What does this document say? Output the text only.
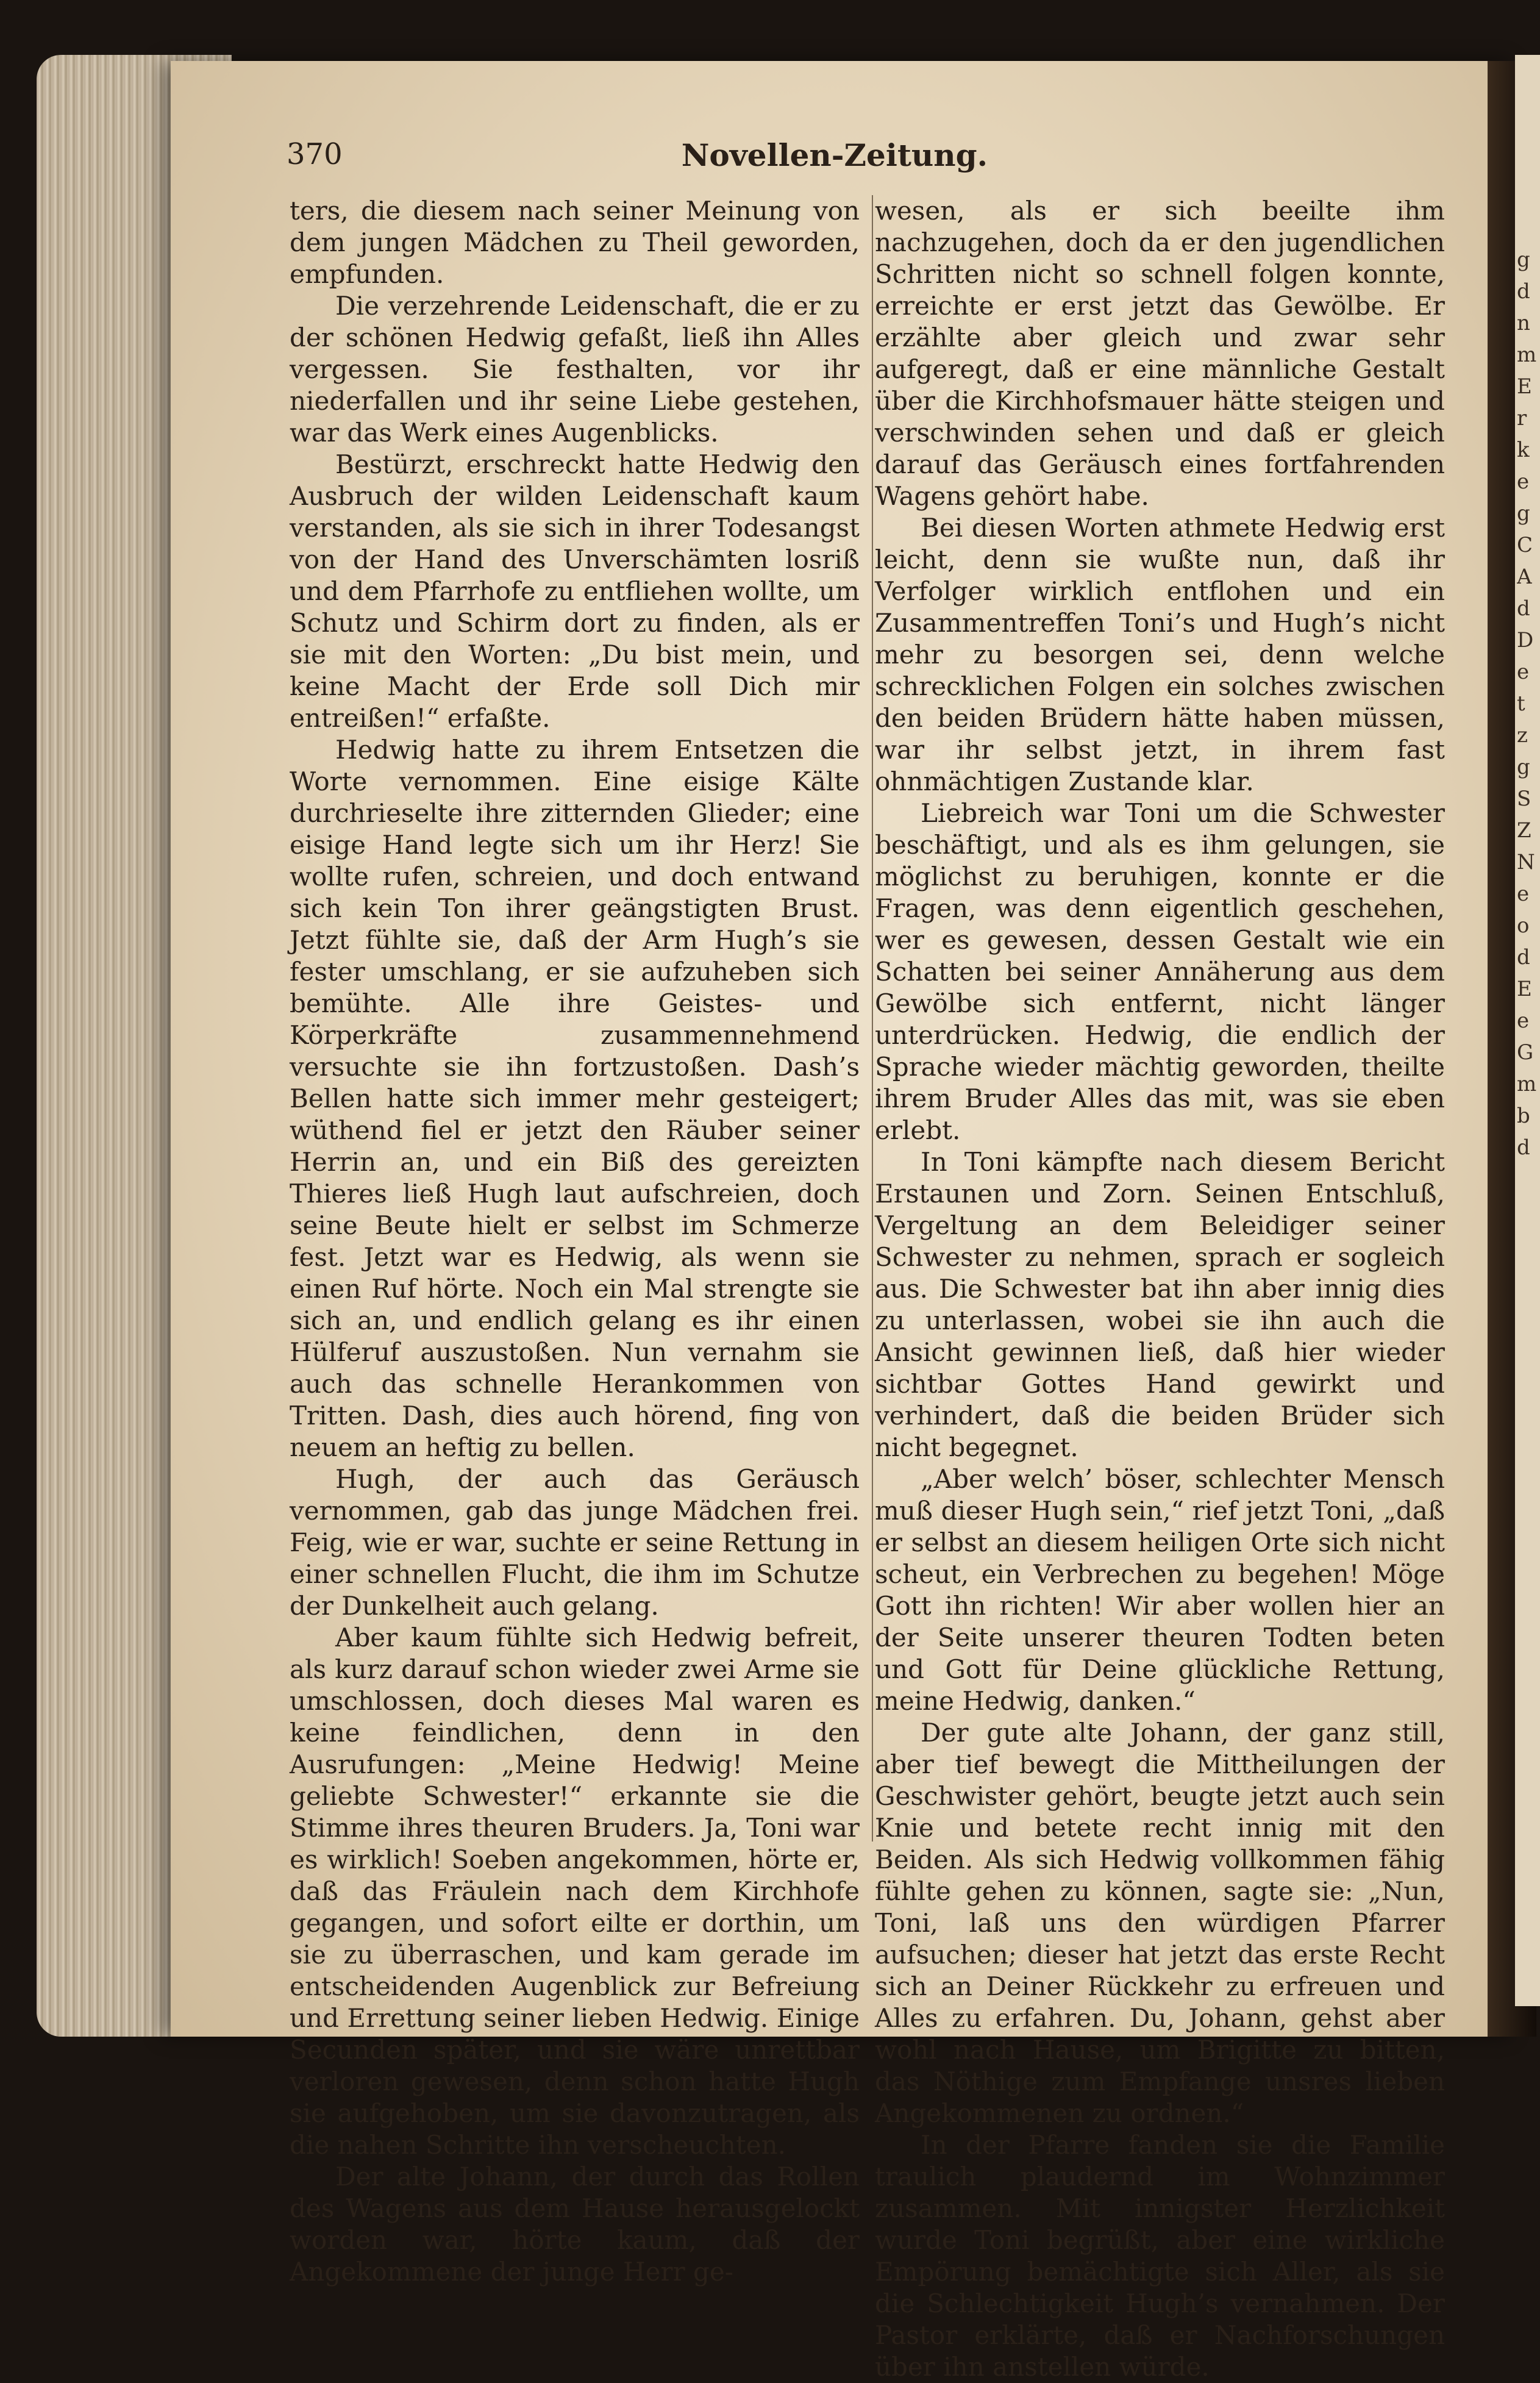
370	Novellen-Zeitung.

ters, die diesem nach seiner Meinung von dem jungen Mädchen zu Theil geworden, empfunden.

Die verzehrende Leidenschaft, die er zu der schönen Hedwig gefaßt, ließ ihn Alles vergessen. Sie festhalten, vor ihr niederfallen und ihr seine Liebe gestehen, war das Werk eines Augenblicks.

Bestürzt, erschreckt hatte Hedwig den Ausbruch der wilden Leidenschaft kaum verstanden, als sie sich in ihrer Todesangst von der Hand des Unverschämten losriß und dem Pfarrhofe zu entfliehen wollte, um Schutz und Schirm dort zu finden, als er sie mit den Worten: „Du bist mein, und keine Macht der Erde soll Dich mir entreißen!“ erfaßte.

Hedwig hatte zu ihrem Entsetzen die Worte vernommen. Eine eisige Kälte durchrieselte ihre zitternden Glieder; eine eisige Hand legte sich um ihr Herz! Sie wollte rufen, schreien, und doch entwand sich kein Ton ihrer geängstigten Brust. Jetzt fühlte sie, daß der Arm Hugh’s sie fester umschlang, er sie aufzuheben sich bemühte. Alle ihre Geistes- und Körperkräfte zusammennehmend versuchte sie ihn fortzustoßen. Dash’s Bellen hatte sich immer mehr gesteigert; wüthend fiel er jetzt den Räuber seiner Herrin an, und ein Biß des gereizten Thieres ließ Hugh laut aufschreien, doch seine Beute hielt er selbst im Schmerze fest. Jetzt war es Hedwig, als wenn sie einen Ruf hörte. Noch ein Mal strengte sie sich an, und endlich gelang es ihr einen Hülferuf auszustoßen. Nun vernahm sie auch das schnelle Herankommen von Tritten. Dash, dies auch hörend, fing von neuem an heftig zu bellen.

Hugh, der auch das Geräusch vernommen, gab das junge Mädchen frei. Feig, wie er war, suchte er seine Rettung in einer schnellen Flucht, die ihm im Schutze der Dunkelheit auch gelang.

Aber kaum fühlte sich Hedwig befreit, als kurz darauf schon wieder zwei Arme sie umschlossen, doch dieses Mal waren es keine feindlichen, denn in den Ausrufungen: „Meine Hedwig! Meine geliebte Schwester!“ erkannte sie die Stimme ihres theuren Bruders. Ja, Toni war es wirklich! Soeben angekommen, hörte er, daß das Fräulein nach dem Kirchhofe gegangen, und sofort eilte er dorthin, um sie zu überraschen, und kam gerade im entscheidenden Augenblick zur Befreiung und Errettung seiner lieben Hedwig. Einige Secunden später, und sie wäre unrettbar verloren gewesen, denn schon hatte Hugh sie aufgehoben, um sie davonzutragen, als die nahen Schritte ihn verscheuchten.

Der alte Johann, der durch das Rollen des Wagens aus dem Hause herausgelockt worden war, hörte kaum, daß der Angekommene der junge Herr ge-

wesen, als er sich beeilte ihm nachzugehen, doch da er den jugendlichen Schritten nicht so schnell folgen konnte, erreichte er erst jetzt das Gewölbe. Er erzählte aber gleich und zwar sehr aufgeregt, daß er eine männliche Gestalt über die Kirchhofsmauer hätte steigen und verschwinden sehen und daß er gleich darauf das Geräusch eines fortfahrenden Wagens gehört habe.

Bei diesen Worten athmete Hedwig erst leicht, denn sie wußte nun, daß ihr Verfolger wirklich entflohen und ein Zusammentreffen Toni’s und Hugh’s nicht mehr zu besorgen sei, denn welche schrecklichen Folgen ein solches zwischen den beiden Brüdern hätte haben müssen, war ihr selbst jetzt, in ihrem fast ohnmächtigen Zustande klar.

Liebreich war Toni um die Schwester beschäftigt, und als es ihm gelungen, sie möglichst zu beruhigen, konnte er die Fragen, was denn eigentlich geschehen, wer es gewesen, dessen Gestalt wie ein Schatten bei seiner Annäherung aus dem Gewölbe sich entfernt, nicht länger unterdrücken. Hedwig, die endlich der Sprache wieder mächtig geworden, theilte ihrem Bruder Alles das mit, was sie eben erlebt.

In Toni kämpfte nach diesem Bericht Erstaunen und Zorn. Seinen Entschluß, Vergeltung an dem Beleidiger seiner Schwester zu nehmen, sprach er sogleich aus. Die Schwester bat ihn aber innig dies zu unterlassen, wobei sie ihn auch die Ansicht gewinnen ließ, daß hier wieder sichtbar Gottes Hand gewirkt und verhindert, daß die beiden Brüder sich nicht begegnet.

„Aber welch’ böser, schlechter Mensch muß dieser Hugh sein,“ rief jetzt Toni, „daß er selbst an diesem heiligen Orte sich nicht scheut, ein Verbrechen zu begehen! Möge Gott ihn richten! Wir aber wollen hier an der Seite unserer theuren Todten beten und Gott für Deine glückliche Rettung, meine Hedwig, danken.“

Der gute alte Johann, der ganz still, aber tief bewegt die Mittheilungen der Geschwister gehört, beugte jetzt auch sein Knie und betete recht innig mit den Beiden. Als sich Hedwig vollkommen fähig fühlte gehen zu können, sagte sie: „Nun, Toni, laß uns den würdigen Pfarrer aufsuchen; dieser hat jetzt das erste Recht sich an Deiner Rückkehr zu erfreuen und Alles zu erfahren. Du, Johann, gehst aber wohl nach Hause, um Brigitte zu bitten, das Nöthige zum Empfange unsres lieben Angekommenen zu ordnen.“

In der Pfarre fanden sie die Familie traulich plaudernd im Wohnzimmer zusammen. Mit innigster Herzlichkeit wurde Toni begrüßt, aber eine wirkliche Empörung bemächtigte sich Aller, als sie die Schlechtigkeit Hugh’s vernahmen. Der Pastor erklärte, daß er Nachforschungen über ihn anstellen würde.

g
d
n
m
E
r
k
e
g
C
A
d
D
e
t
z
g
S
Z
N
e
o
d
E
e
G
m
b
d
